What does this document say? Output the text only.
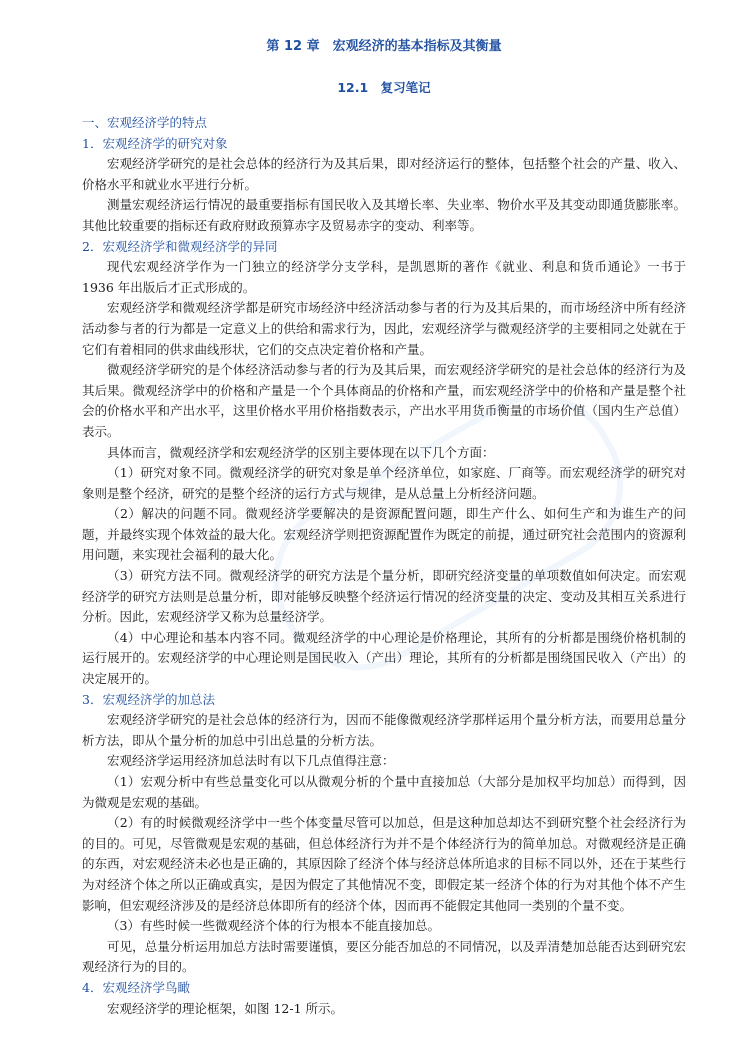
第 12 章　宏观经济的基本指标及其衡量
12.1　复习笔记

一、宏观经济学的特点

1．宏观经济学的研究对象

宏观经济学研究的是社会总体的经济行为及其后果，即对经济运行的整体，包括整个社会的产量、收入、价格水平和就业水平进行分析。

测量宏观经济运行情况的最重要指标有国民收入及其增长率、失业率、物价水平及其变动即通货膨胀率。其他比较重要的指标还有政府财政预算赤字及贸易赤字的变动、利率等。

2．宏观经济学和微观经济学的异同

现代宏观经济学作为一门独立的经济学分支学科，是凯恩斯的著作《就业、利息和货币通论》一书于 1936 年出版后才正式形成的。

宏观经济学和微观经济学都是研究市场经济中经济活动参与者的行为及其后果的，而市场经济中所有经济活动参与者的行为都是一定意义上的供给和需求行为，因此，宏观经济学与微观经济学的主要相同之处就在于它们有着相同的供求曲线形状，它们的交点决定着价格和产量。

微观经济学研究的是个体经济活动参与者的行为及其后果，而宏观经济学研究的是社会总体的经济行为及其后果。微观经济学中的价格和产量是一个个具体商品的价格和产量，而宏观经济学中的价格和产量是整个社会的价格水平和产出水平，这里价格水平用价格指数表示，产出水平用货币衡量的市场价值（国内生产总值）表示。

具体而言，微观经济学和宏观经济学的区别主要体现在以下几个方面：

（1）研究对象不同。微观经济学的研究对象是单个经济单位，如家庭、厂商等。而宏观经济学的研究对象则是整个经济，研究的是整个经济的运行方式与规律，是从总量上分析经济问题。

（2）解决的问题不同。微观经济学要解决的是资源配置问题，即生产什么、如何生产和为谁生产的问题，并最终实现个体效益的最大化。宏观经济学则把资源配置作为既定的前提，通过研究社会范围内的资源利用问题，来实现社会福利的最大化。

（3）研究方法不同。微观经济学的研究方法是个量分析，即研究经济变量的单项数值如何决定。而宏观经济学的研究方法则是总量分析，即对能够反映整个经济运行情况的经济变量的决定、变动及其相互关系进行分析。因此，宏观经济学又称为总量经济学。

（4）中心理论和基本内容不同。微观经济学的中心理论是价格理论，其所有的分析都是围绕价格机制的运行展开的。宏观经济学的中心理论则是国民收入（产出）理论，其所有的分析都是围绕国民收入（产出）的决定展开的。

3．宏观经济学的加总法

宏观经济学研究的是社会总体的经济行为，因而不能像微观经济学那样运用个量分析方法，而要用总量分析方法，即从个量分析的加总中引出总量的分析方法。

宏观经济学运用经济加总法时有以下几点值得注意：

（1）宏观分析中有些总量变化可以从微观分析的个量中直接加总（大部分是加权平均加总）而得到，因为微观是宏观的基础。

（2）有的时候微观经济学中一些个体变量尽管可以加总，但是这种加总却达不到研究整个社会经济行为的目的。可见，尽管微观是宏观的基础，但总体经济行为并不是个体经济行为的简单加总。对微观经济是正确的东西，对宏观经济未必也是正确的，其原因除了经济个体与经济总体所追求的目标不同以外，还在于某些行为对经济个体之所以正确或真实，是因为假定了其他情况不变，即假定某一经济个体的行为对其他个体不产生影响，但宏观经济涉及的是经济总体即所有的经济个体，因而再不能假定其他同一类别的个量不变。

（3）有些时候一些微观经济个体的行为根本不能直接加总。

可见，总量分析运用加总方法时需要谨慎，要区分能否加总的不同情况，以及弄清楚加总能否达到研究宏观经济行为的目的。

4．宏观经济学鸟瞰

宏观经济学的理论框架，如图 12-1 所示。
